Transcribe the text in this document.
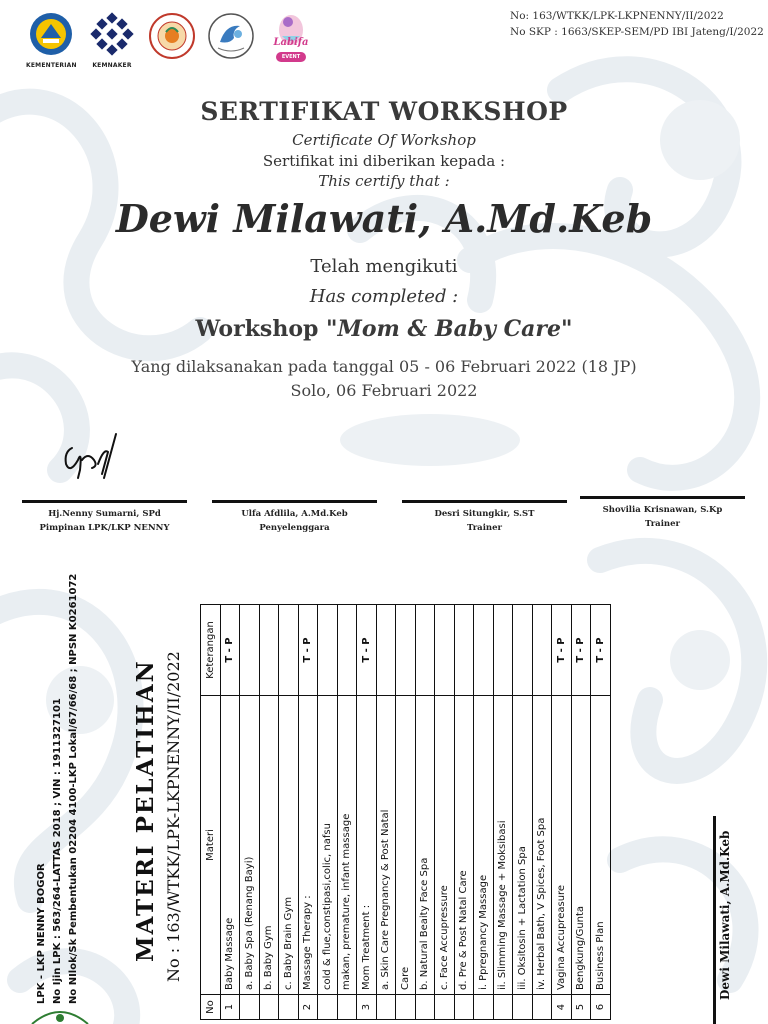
KEMENTERIAN	KEMNAKER
Labifa
EVENT
No: 163/WTKK/LPK-LKPNENNY/II/2022
No SKP : 1663/SKEP-SEM/PD IBI Jateng/I/2022
SERTIFIKAT WORKSHOP
Certificate Of Workshop
Sertifikat ini diberikan kepada :
This certify that :
Dewi Milawati, A.Md.Keb
Telah mengikuti
Has completed :
Workshop "Mom & Baby Care"
Yang dilaksanakan pada tanggal 05 - 06 Februari 2022 (18 JP)
Solo, 06 Februari 2022
Hj.Nenny Sumarni, SPd
Pimpinan LPK/LKP NENNY
Ulfa Afdlila, A.Md.Keb
Penyelenggara
Desri Situngkir, S.ST
Trainer
Shovilia Krisnawan, S.Kp
Trainer
LPK - LKP NENNY BOGOR No Ijin LPK : 563/264-LATTAS 2018 ; VIN : 1911327101 No NIlok/Sk Pembentukan 02204 4100-LKP Lokal/67/66/68 ; NPSN K0261072 MATERI PELATIHAN No : 163/WTKK/LPK-LKPNENNY/II/2022
No	Materi	Keterangan
1	Baby Massage	T - P
	a. Baby Spa (Renang Bayi)	
	b. Baby Gym	
	c. Baby Brain Gym	
2	Massage Therapy :	T - P
	cold & flue,constipasi,colic, nafsu	
	makan, premature, infant massage	
3	Mom Treatment :	T - P
	a. Skin Care Pregnancy & Post Natal	
	Care	
	b. Natural Beaity Face Spa	
	c. Face Accupressure	
	d. Pre & Post Natal Care	
	i. Ppregnancy Massage	
	ii. Slimming Massage + Moksibasi	
	iii. Oksitosin + Lactation Spa	
	iv. Herbal Bath, V Spices, Foot Spa	
4	Vagina Accupreasure	T - P
5	Bengkung/Gunta	T - P
6	Business Plan	T - P
Dewi Milawati, A.Md.Keb
